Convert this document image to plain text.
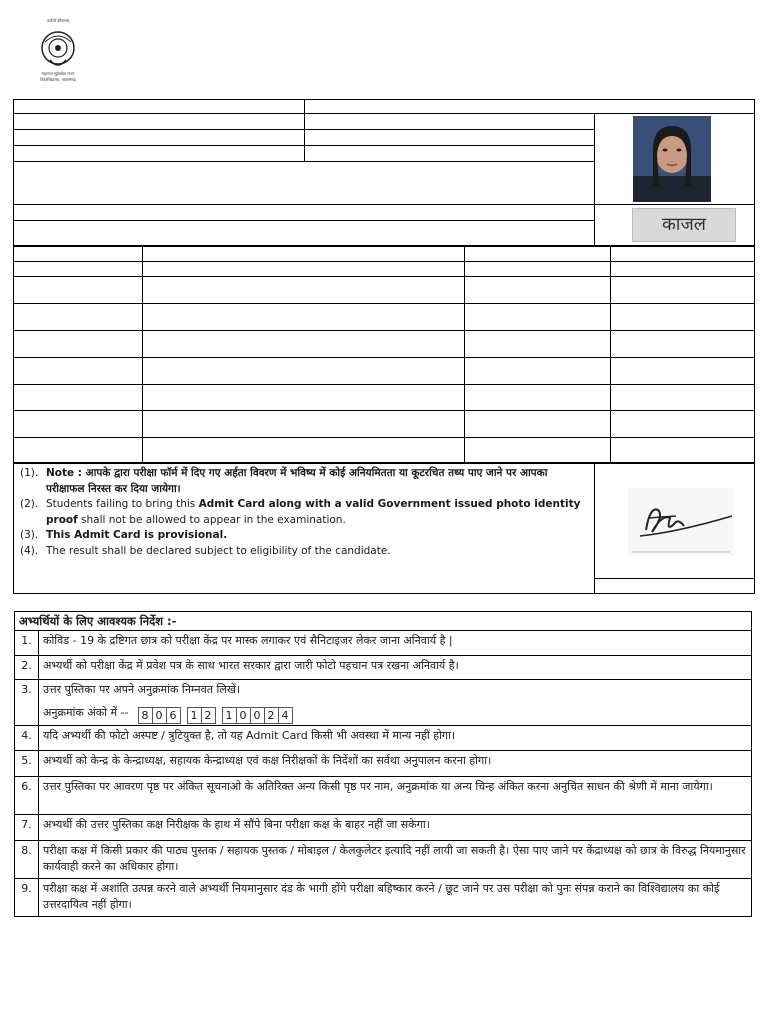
कर्तव्ये कौशलम्
महाराज सुहेलदेव राज्य
विश्वविद्यालय, आजमगढ़
काजल
(1). Note : आपके द्वारा परीक्षा फॉर्म में दिए गए अर्हता विवरण में भविष्य में कोई अनियमितता या कूटरचित तथ्य पाए जाने पर आपका परीक्षाफल निरस्त कर दिया जायेगा।
(2). Students failing to bring this Admit Card along with a valid Government issued photo identity proof shall not be allowed to appear in the examination.
(3). This Admit Card is provisional.
(4). The result shall be declared subject to eligibility of the candidate.
अभ्यर्थियों के लिए आवश्यक निर्देश :-
1.	कोविड - 19 के द्रष्टिगत छात्र को परीक्षा केंद्र पर मास्क लगाकर एवं सैनिटाइजर लेकर जाना अनिवार्य है |
2.	अभ्यर्थी को परीक्षा केंद्र में प्रवेश पत्र के साथ भारत सरकार द्वारा जारी फोटो पहचान पत्र रखना अनिवार्य है।
3.	उत्तर पुस्तिका पर अपने अनुक्रमांक निम्नवत लिखें।
अनुक्रमांक अंको में -- 8 0 6 1 2 1 0 0 2 4
4.	यदि अभ्यर्थी की फोटो अस्पष्ट / त्रुटियुक्त है, तो यह Admit Card किसी भी अवस्था में मान्य नहीं होगा।
5.	अभ्यर्थी को केन्द्र के केन्द्राध्यक्ष, सहायक केन्द्राध्यक्ष एवं कक्ष निरीक्षकों के निर्देशों का सर्वथा अनुपालन करना होगा।
6.	उत्तर पुस्तिका पर आवरण पृष्ठ पर अंकित सूचनाओ के अतिरिक्त अन्य किसी पृष्ठ पर नाम, अनुक्रमांक या अन्य चिन्ह अंकित करना अनुचित साधन की श्रेणी में माना जायेगा।
7.	अभ्यर्थी की उत्तर पुस्तिका कक्ष निरीक्षक के हाथ में सौंपे बिना परीक्षा कक्ष के बाहर नहीं जा सकेगा।
8.	परीक्षा कक्ष में किसी प्रकार की पाठ्य पुस्तक / सहायक पुस्तक / मोबाइल / केलकुलेटर इत्यादि नहीं लायी जा सकती है। ऐसा पाए जाने पर केंद्राध्यक्ष को छात्र के विरुद्ध नियमानुसार कार्यवाही करने का अधिकार होगा।
9.	परीक्षा कक्ष में अशांति उत्पन्न करने वाले अभ्यर्थी नियमानुसार दंड के भागी होंगे परीक्षा बहिष्कार करने / छूट जाने पर उस परीक्षा को पुनः संपन्न कराने का विश्विद्यालय का कोई उत्तरदायित्व नहीं होगा।
